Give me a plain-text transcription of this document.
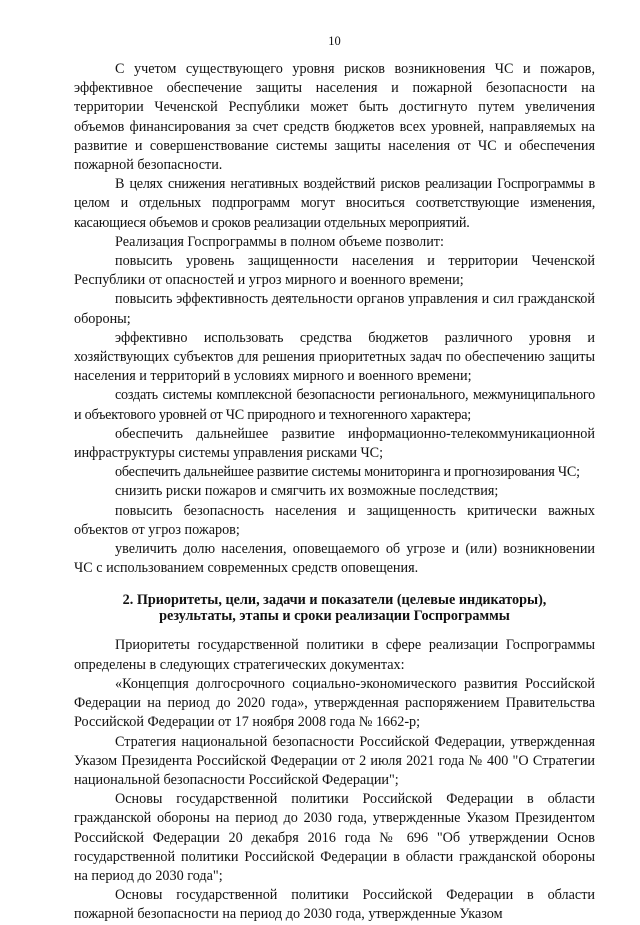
10

С учетом существующего уровня рисков возникновения ЧС и пожаров, эффективное обеспечение защиты населения и пожарной безопасности на территории Чеченской Республики может быть достигнуто путем увеличения объемов финансирования за счет средств бюджетов всех уровней, направляемых на развитие и совершенствование системы защиты населения от ЧС и обеспечения пожарной безопасности.

В целях снижения негативных воздействий рисков реализации Госпрограммы в целом и отдельных подпрограмм могут вноситься соответствующие изменения, касающиеся объемов и сроков реализации отдельных мероприятий.

Реализация Госпрограммы в полном объеме позволит:

повысить уровень защищенности населения и территории Чеченской Республики от опасностей и угроз мирного и военного времени;

повысить эффективность деятельности органов управления и сил гражданской обороны;

эффективно использовать средства бюджетов различного уровня и хозяйствующих субъектов для решения приоритетных задач по обеспечению защиты населения и территорий в условиях мирного и военного времени;

создать системы комплексной безопасности регионального, межмуниципального и объектового уровней от ЧС природного и техногенного характера;

обеспечить дальнейшее развитие информационно-телекоммуникационной инфраструктуры системы управления рисками ЧС;

обеспечить дальнейшее развитие системы мониторинга и прогнозирования ЧС;

снизить риски пожаров и смягчить их возможные последствия;

повысить безопасность населения и защищенность критически важных объектов от угроз пожаров;

увеличить долю населения, оповещаемого об угрозе и (или) возникновении ЧС с использованием современных средств оповещения.

2. Приоритеты, цели, задачи и показатели (целевые индикаторы),
результаты, этапы и сроки реализации Госпрограммы

Приоритеты государственной политики в сфере реализации Госпрограммы определены в следующих стратегических документах:

«Концепция долгосрочного социально-экономического развития Российской Федерации на период до 2020 года», утвержденная распоряжением Правительства Российской Федерации от 17 ноября 2008 года № 1662-р;

Стратегия национальной безопасности Российской Федерации, утвержденная Указом Президента Российской Федерации от 2 июля 2021 года № 400 "О Стратегии национальной безопасности Российской Федерации";

Основы государственной политики Российской Федерации в области гражданской обороны на период до 2030 года, утвержденные Указом Президентом Российской Федерации 20 декабря 2016 года № 696 "Об утверждении Основ государственной политики Российской Федерации в области гражданской обороны на период до 2030 года";

Основы государственной политики Российской Федерации в области пожарной безопасности на период до 2030 года, утвержденные Указом
